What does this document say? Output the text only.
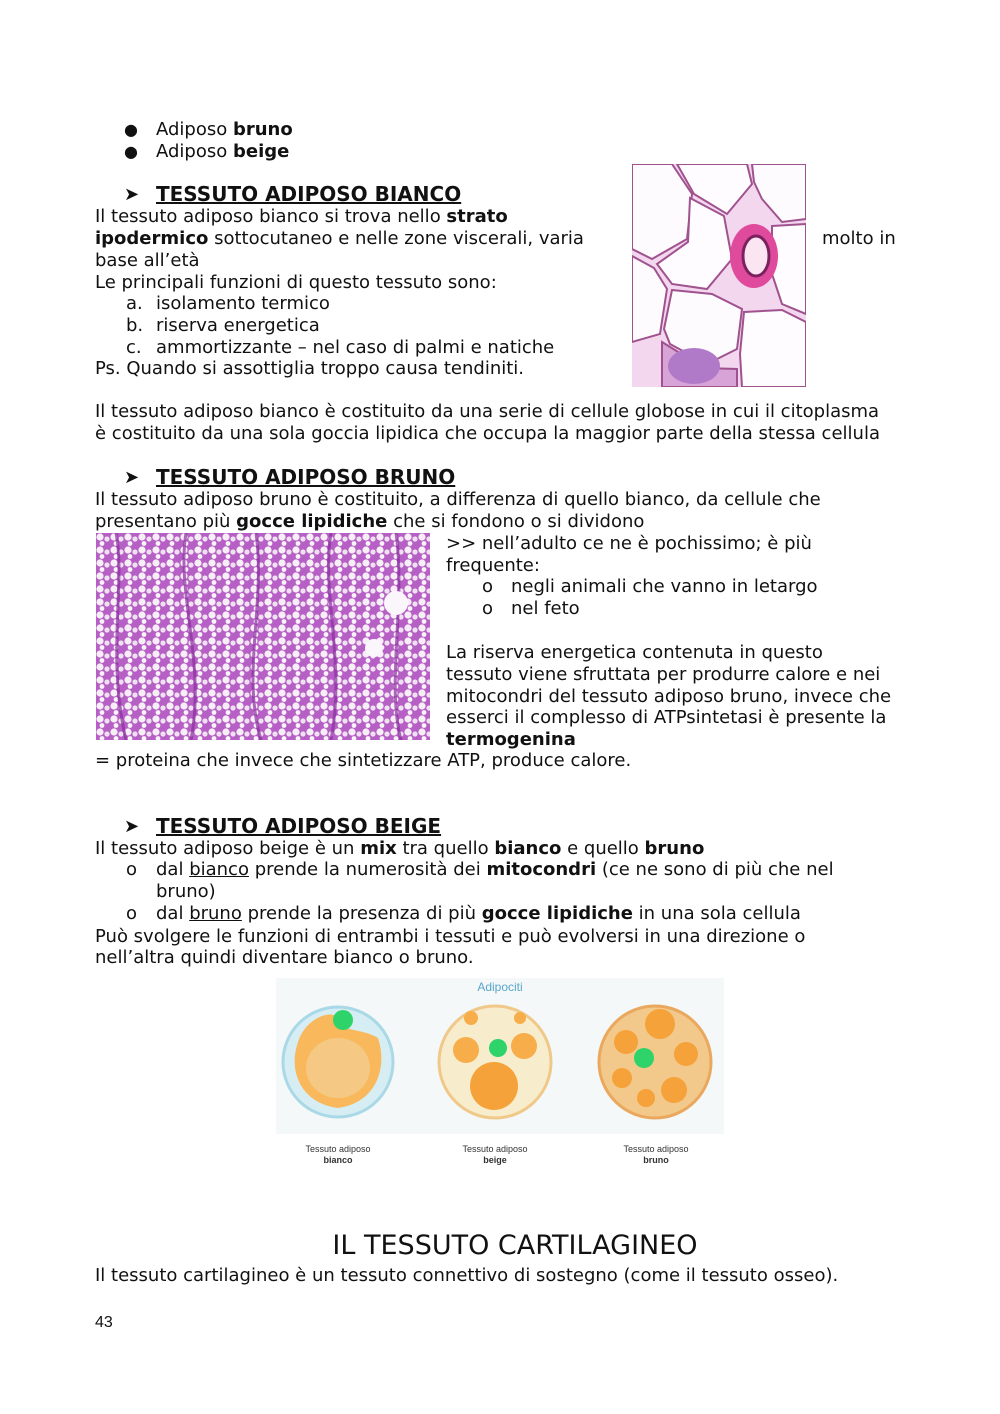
● Adiposo bruno
● Adiposo beige
➤ TESSUTO ADIPOSO BIANCO
Il tessuto adiposo bianco si trova nello strato
ipodermico sottocutaneo e nelle zone viscerali, varia	molto in
base all’età
Le principali funzioni di questo tessuto sono:
a. isolamento termico
b. riserva energetica
c. ammortizzante – nel caso di palmi e natiche
Ps. Quando si assottiglia troppo causa tendiniti.
Il tessuto adiposo bianco è costituito da una serie di cellule globose in cui il citoplasma
è costituito da una sola goccia lipidica che occupa la maggior parte della stessa cellula
➤ TESSUTO ADIPOSO BRUNO
Il tessuto adiposo bruno è costituito, a differenza di quello bianco, da cellule che
presentano più gocce lipidiche che si fondono o si dividono
>> nell’adulto ce ne è pochissimo; è più
frequente:
o negli animali che vanno in letargo
o nel feto
La riserva energetica contenuta in questo
tessuto viene sfruttata per produrre calore e nei
mitocondri del tessuto adiposo bruno, invece che
esserci il complesso di ATPsintetasi è presente la
termogenina
= proteina che invece che sintetizzare ATP, produce calore.
➤ TESSUTO ADIPOSO BEIGE
Il tessuto adiposo beige è un mix tra quello bianco e quello bruno
o dal bianco prende la numerosità dei mitocondri (ce ne sono di più che nel
bruno)
o dal bruno prende la presenza di più gocce lipidiche in una sola cellula
Può svolgere le funzioni di entrambi i tessuti e può evolversi in una direzione o
nell’altra quindi diventare bianco o bruno.
Adipociti
Tessuto adiposo
bianco
Tessuto adiposo
beige
Tessuto adiposo
bruno
IL TESSUTO CARTILAGINEO
Il tessuto cartilagineo è un tessuto connettivo di sostegno (come il tessuto osseo).
43
